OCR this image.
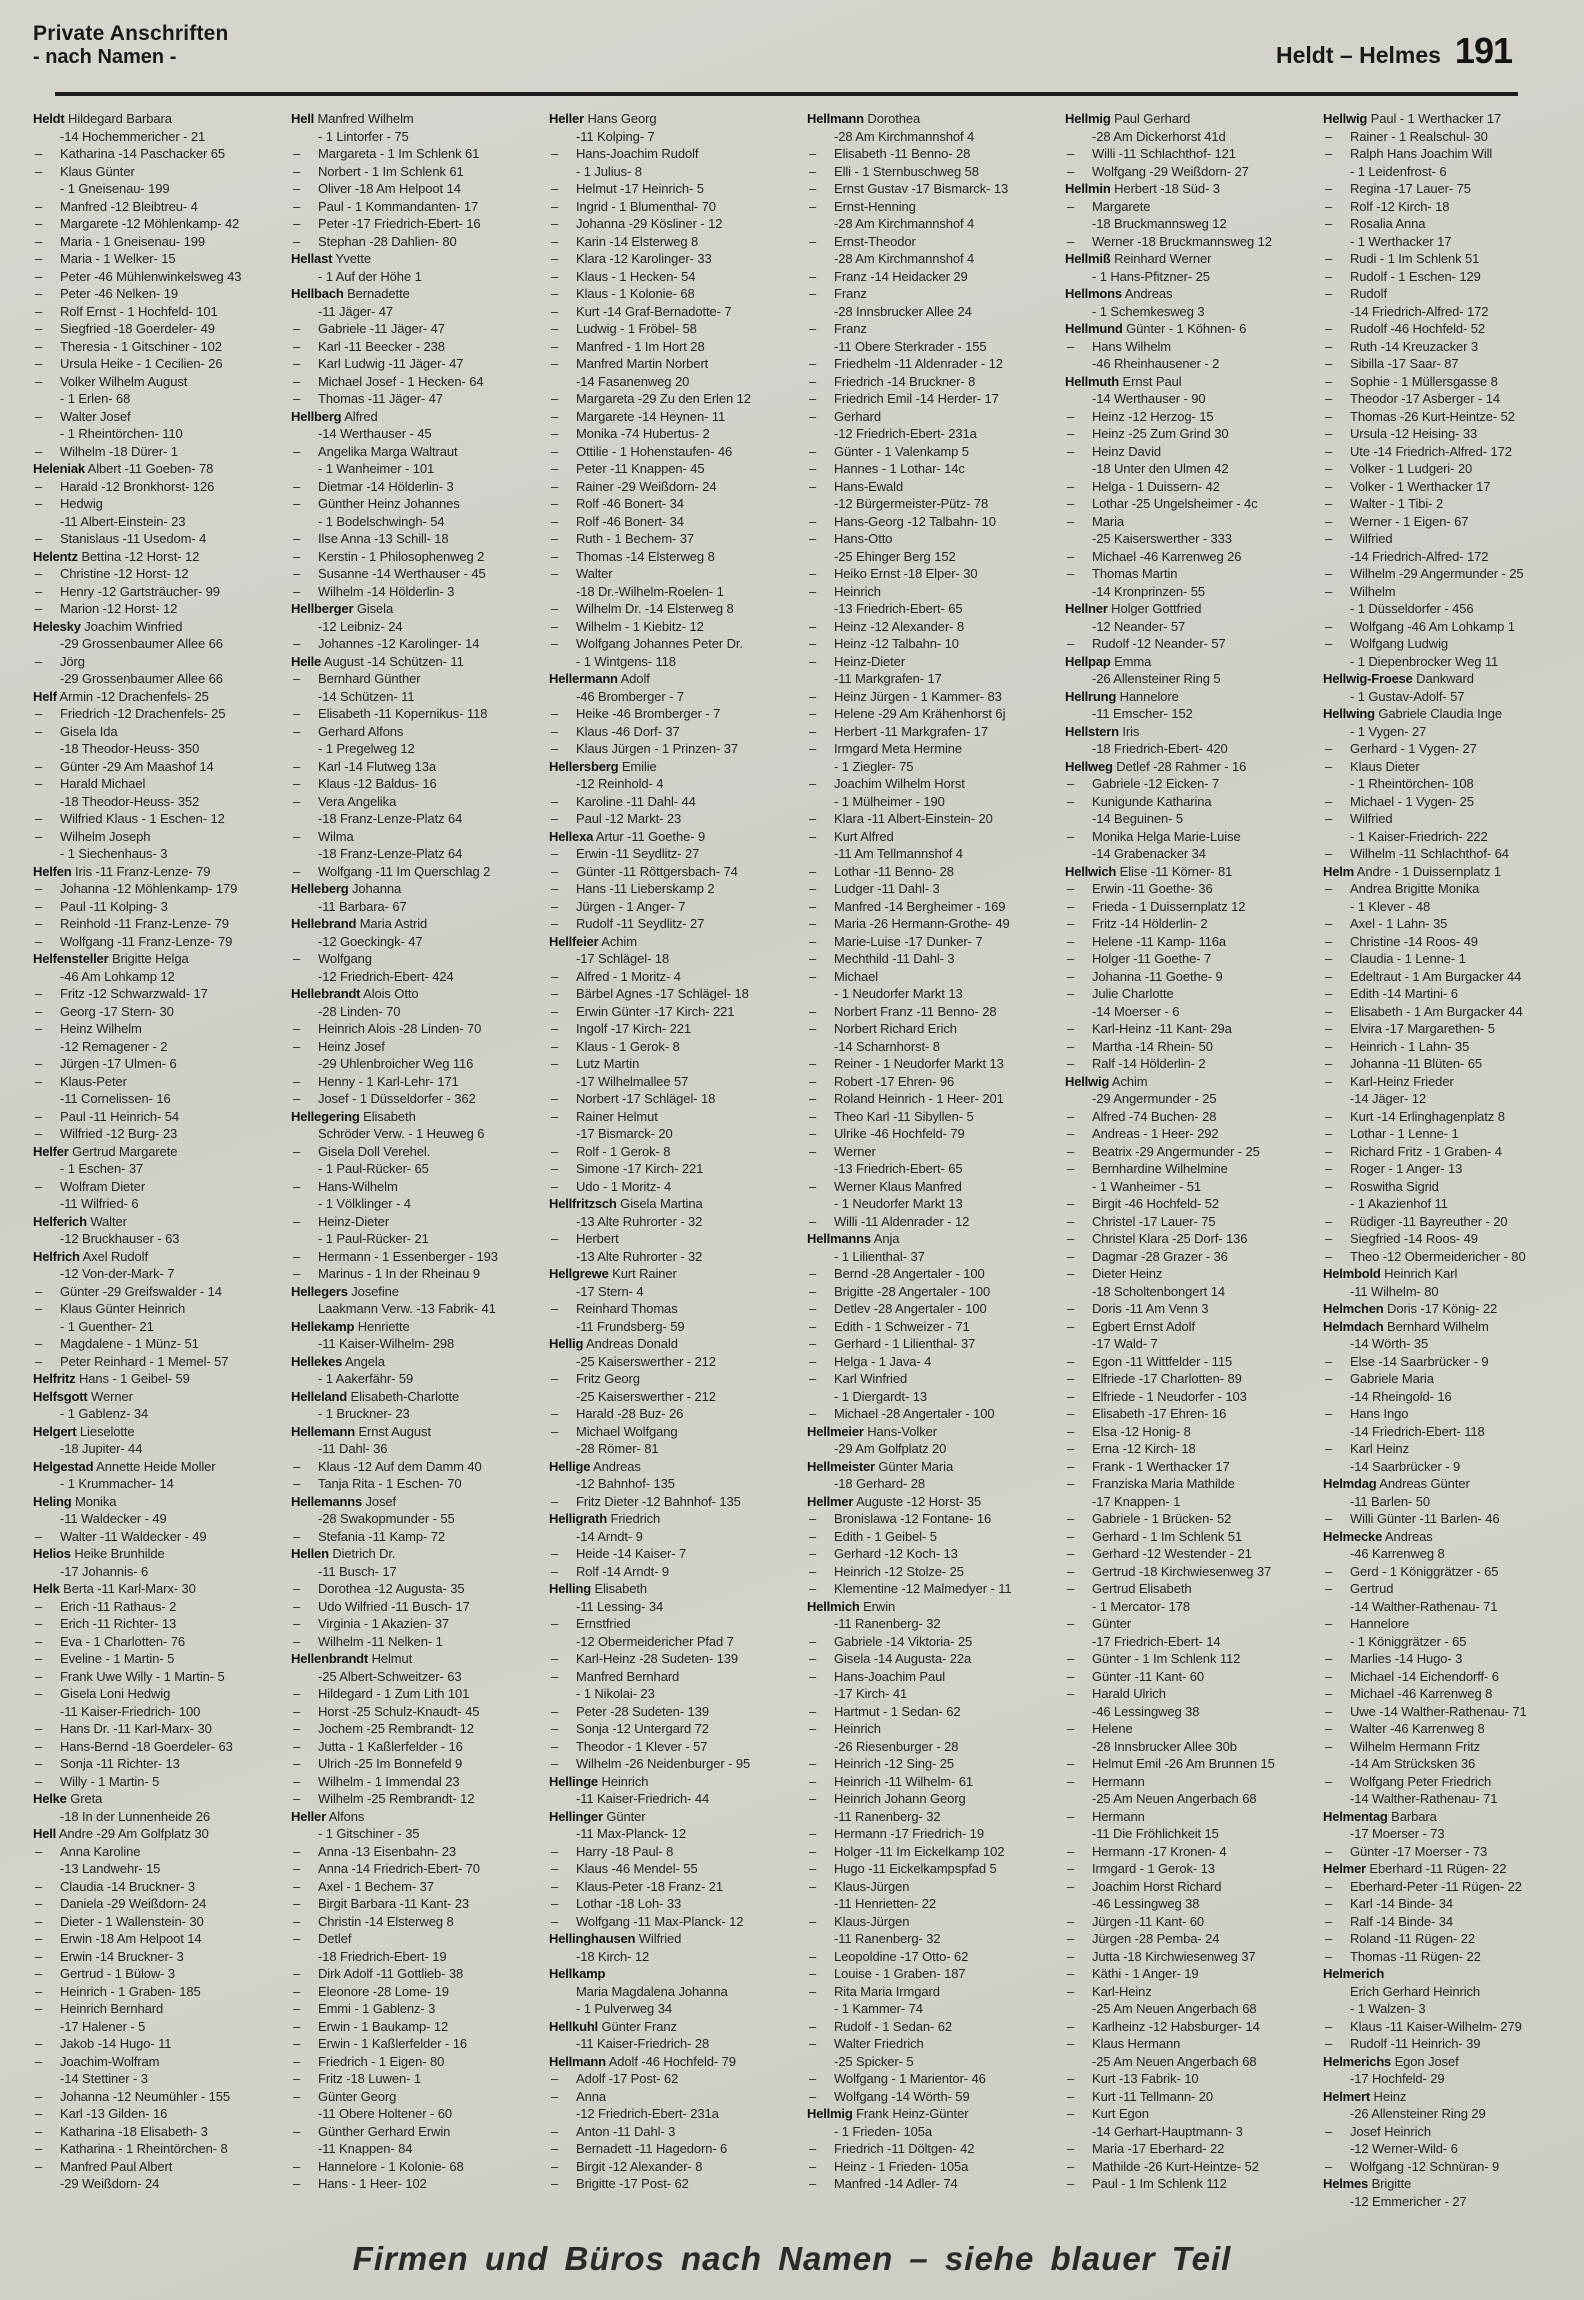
Private Anschriften
- nach Namen -	Heldt – Helmes 191
Heldt Hildegard Barbara
-14 Hochemmericher - 21
– Katharina -14 Paschacker 65
– Klaus Günter
- 1 Gneisenau- 199
– Manfred -12 Bleibtreu- 4
– Margarete -12 Möhlenkamp- 42
– Maria - 1 Gneisenau- 199
– Maria - 1 Welker- 15
– Peter -46 Mühlenwinkelsweg 43
– Peter -46 Nelken- 19
– Rolf Ernst - 1 Hochfeld- 101
– Siegfried -18 Goerdeler- 49
– Theresia - 1 Gitschiner - 102
– Ursula Heike - 1 Cecilien- 26
– Volker Wilhelm August
- 1 Erlen- 68
– Walter Josef
- 1 Rheintörchen- 110
– Wilhelm -18 Dürer- 1
Heleniak Albert -11 Goeben- 78
– Harald -12 Bronkhorst- 126
– Hedwig
-11 Albert-Einstein- 23
– Stanislaus -11 Usedom- 4
Helentz Bettina -12 Horst- 12
– Christine -12 Horst- 12
– Henry -12 Gartsträucher- 99
– Marion -12 Horst- 12
Helesky Joachim Winfried
-29 Grossenbaumer Allee 66
– Jörg
-29 Grossenbaumer Allee 66
Helf Armin -12 Drachenfels- 25
– Friedrich -12 Drachenfels- 25
– Gisela Ida
-18 Theodor-Heuss- 350
– Günter -29 Am Maashof 14
– Harald Michael
-18 Theodor-Heuss- 352
– Wilfried Klaus - 1 Eschen- 12
– Wilhelm Joseph
- 1 Siechenhaus- 3
Helfen Iris -11 Franz-Lenze- 79
– Johanna -12 Möhlenkamp- 179
– Paul -11 Kolping- 3
– Reinhold -11 Franz-Lenze- 79
– Wolfgang -11 Franz-Lenze- 79
Helfensteller Brigitte Helga
-46 Am Lohkamp 12
– Fritz -12 Schwarzwald- 17
– Georg -17 Stern- 30
– Heinz Wilhelm
-12 Remagener - 2
– Jürgen -17 Ulmen- 6
– Klaus-Peter
-11 Cornelissen- 16
– Paul -11 Heinrich- 54
– Wilfried -12 Burg- 23
Helfer Gertrud Margarete
- 1 Eschen- 37
– Wolfram Dieter
-11 Wilfried- 6
Helferich Walter
-12 Bruckhauser - 63
Helfrich Axel Rudolf
-12 Von-der-Mark- 7
– Günter -29 Greifswalder - 14
– Klaus Günter Heinrich
- 1 Guenther- 21
– Magdalene - 1 Münz- 51
– Peter Reinhard - 1 Memel- 57
Helfritz Hans - 1 Geibel- 59
Helfsgott Werner
- 1 Gablenz- 34
Helgert Lieselotte
-18 Jupiter- 44
Helgestad Annette Heide Moller
- 1 Krummacher- 14
Heling Monika
-11 Waldecker - 49
– Walter -11 Waldecker - 49
Helios Heike Brunhilde
-17 Johannis- 6
Helk Berta -11 Karl-Marx- 30
– Erich -11 Rathaus- 2
– Erich -11 Richter- 13
– Eva - 1 Charlotten- 76
– Eveline - 1 Martin- 5
– Frank Uwe Willy - 1 Martin- 5
– Gisela Loni Hedwig
-11 Kaiser-Friedrich- 100
– Hans Dr. -11 Karl-Marx- 30
– Hans-Bernd -18 Goerdeler- 63
– Sonja -11 Richter- 13
– Willy - 1 Martin- 5
Helke Greta
-18 In der Lunnenheide 26
Hell Andre -29 Am Golfplatz 30
– Anna Karoline
-13 Landwehr- 15
– Claudia -14 Bruckner- 3
– Daniela -29 Weißdorn- 24
– Dieter - 1 Wallenstein- 30
– Erwin -18 Am Helpoot 14
– Erwin -14 Bruckner- 3
– Gertrud - 1 Bülow- 3
– Heinrich - 1 Graben- 185
– Heinrich Bernhard
-17 Halener - 5
– Jakob -14 Hugo- 11
– Joachim-Wolfram
-14 Stettiner - 3
– Johanna -12 Neumühler - 155
– Karl -13 Gilden- 16
– Katharina -18 Elisabeth- 3
– Katharina - 1 Rheintörchen- 8
– Manfred Paul Albert
-29 Weißdorn- 24
Hell Manfred Wilhelm
- 1 Lintorfer - 75
– Margareta - 1 Im Schlenk 61
– Norbert - 1 Im Schlenk 61
– Oliver -18 Am Helpoot 14
– Paul - 1 Kommandanten- 17
– Peter -17 Friedrich-Ebert- 16
– Stephan -28 Dahlien- 80
Hellast Yvette
- 1 Auf der Höhe 1
Hellbach Bernadette
-11 Jäger- 47
– Gabriele -11 Jäger- 47
– Karl -11 Beecker - 238
– Karl Ludwig -11 Jäger- 47
– Michael Josef - 1 Hecken- 64
– Thomas -11 Jäger- 47
Hellberg Alfred
-14 Werthauser - 45
– Angelika Marga Waltraut
- 1 Wanheimer - 101
– Dietmar -14 Hölderlin- 3
– Günther Heinz Johannes
- 1 Bodelschwingh- 54
– Ilse Anna -13 Schill- 18
– Kerstin - 1 Philosophenweg 2
– Susanne -14 Werthauser - 45
– Wilhelm -14 Hölderlin- 3
Hellberger Gisela
-12 Leibniz- 24
– Johannes -12 Karolinger- 14
Helle August -14 Schützen- 11
– Bernhard Günther
-14 Schützen- 11
– Elisabeth -11 Kopernikus- 118
– Gerhard Alfons
- 1 Pregelweg 12
– Karl -14 Flutweg 13a
– Klaus -12 Baldus- 16
– Vera Angelika
-18 Franz-Lenze-Platz 64
– Wilma
-18 Franz-Lenze-Platz 64
– Wolfgang -11 Im Querschlag 2
Helleberg Johanna
-11 Barbara- 67
Hellebrand Maria Astrid
-12 Goeckingk- 47
– Wolfgang
-12 Friedrich-Ebert- 424
Hellebrandt Alois Otto
-28 Linden- 70
– Heinrich Alois -28 Linden- 70
– Heinz Josef
-29 Uhlenbroicher Weg 116
– Henny - 1 Karl-Lehr- 171
– Josef - 1 Düsseldorfer - 362
Hellegering Elisabeth
Schröder Verw. - 1 Heuweg 6
– Gisela Doll Verehel.
- 1 Paul-Rücker- 65
– Hans-Wilhelm
- 1 Völklinger - 4
– Heinz-Dieter
- 1 Paul-Rücker- 21
– Hermann - 1 Essenberger - 193
– Marinus - 1 In der Rheinau 9
Hellegers Josefine
Laakmann Verw. -13 Fabrik- 41
Hellekamp Henriette
-11 Kaiser-Wilhelm- 298
Hellekes Angela
- 1 Aakerfähr- 59
Helleland Elisabeth-Charlotte
- 1 Bruckner- 23
Hellemann Ernst August
-11 Dahl- 36
– Klaus -12 Auf dem Damm 40
– Tanja Rita - 1 Eschen- 70
Hellemanns Josef
-28 Swakopmunder - 55
– Stefania -11 Kamp- 72
Hellen Dietrich Dr.
-11 Busch- 17
– Dorothea -12 Augusta- 35
– Udo Wilfried -11 Busch- 17
– Virginia - 1 Akazien- 37
– Wilhelm -11 Nelken- 1
Hellenbrandt Helmut
-25 Albert-Schweitzer- 63
– Hildegard - 1 Zum Lith 101
– Horst -25 Schulz-Knaudt- 45
– Jochem -25 Rembrandt- 12
– Jutta - 1 Kaßlerfelder - 16
– Ulrich -25 Im Bonnefeld 9
– Wilhelm - 1 Immendal 23
– Wilhelm -25 Rembrandt- 12
Heller Alfons
- 1 Gitschiner - 35
– Anna -13 Eisenbahn- 23
– Anna -14 Friedrich-Ebert- 70
– Axel - 1 Bechem- 37
– Birgit Barbara -11 Kant- 23
– Christin -14 Elsterweg 8
– Detlef
-18 Friedrich-Ebert- 19
– Dirk Adolf -11 Gottlieb- 38
– Eleonore -28 Lome- 19
– Emmi - 1 Gablenz- 3
– Erwin - 1 Baukamp- 12
– Erwin - 1 Kaßlerfelder - 16
– Friedrich - 1 Eigen- 80
– Fritz -18 Luwen- 1
– Günter Georg
-11 Obere Holtener - 60
– Günther Gerhard Erwin
-11 Knappen- 84
– Hannelore - 1 Kolonie- 68
– Hans - 1 Heer- 102
Heller Hans Georg
-11 Kolping- 7
– Hans-Joachim Rudolf
- 1 Julius- 8
– Helmut -17 Heinrich- 5
– Ingrid - 1 Blumenthal- 70
– Johanna -29 Kösliner - 12
– Karin -14 Elsterweg 8
– Klara -12 Karolinger- 33
– Klaus - 1 Hecken- 54
– Klaus - 1 Kolonie- 68
– Kurt -14 Graf-Bernadotte- 7
– Ludwig - 1 Fröbel- 58
– Manfred - 1 Im Hort 28
– Manfred Martin Norbert
-14 Fasanenweg 20
– Margareta -29 Zu den Erlen 12
– Margarete -14 Heynen- 11
– Monika -74 Hubertus- 2
– Ottilie - 1 Hohenstaufen- 46
– Peter -11 Knappen- 45
– Rainer -29 Weißdorn- 24
– Rolf -46 Bonert- 34
– Rolf -46 Bonert- 34
– Ruth - 1 Bechem- 37
– Thomas -14 Elsterweg 8
– Walter
-18 Dr.-Wilhelm-Roelen- 1
– Wilhelm Dr. -14 Elsterweg 8
– Wilhelm - 1 Kiebitz- 12
– Wolfgang Johannes Peter Dr.
- 1 Wintgens- 118
Hellermann Adolf
-46 Bromberger - 7
– Heike -46 Bromberger - 7
– Klaus -46 Dorf- 37
– Klaus Jürgen - 1 Prinzen- 37
Hellersberg Emilie
-12 Reinhold- 4
– Karoline -11 Dahl- 44
– Paul -12 Markt- 23
Hellexa Artur -11 Goethe- 9
– Erwin -11 Seydlitz- 27
– Günter -11 Röttgersbach- 74
– Hans -11 Lieberskamp 2
– Jürgen - 1 Anger- 7
– Rudolf -11 Seydlitz- 27
Hellfeier Achim
-17 Schlägel- 18
– Alfred - 1 Moritz- 4
– Bärbel Agnes -17 Schlägel- 18
– Erwin Günter -17 Kirch- 221
– Ingolf -17 Kirch- 221
– Klaus - 1 Gerok- 8
– Lutz Martin
-17 Wilhelmallee 57
– Norbert -17 Schlägel- 18
– Rainer Helmut
-17 Bismarck- 20
– Rolf - 1 Gerok- 8
– Simone -17 Kirch- 221
– Udo - 1 Moritz- 4
Hellfritzsch Gisela Martina
-13 Alte Ruhrorter - 32
– Herbert
-13 Alte Ruhrorter - 32
Hellgrewe Kurt Rainer
-17 Stern- 4
– Reinhard Thomas
-11 Frundsberg- 59
Hellig Andreas Donald
-25 Kaiserswerther - 212
– Fritz Georg
-25 Kaiserswerther - 212
– Harald -28 Buz- 26
– Michael Wolfgang
-28 Römer- 81
Hellige Andreas
-12 Bahnhof- 135
– Fritz Dieter -12 Bahnhof- 135
Helligrath Friedrich
-14 Arndt- 9
– Heide -14 Kaiser- 7
– Rolf -14 Arndt- 9
Helling Elisabeth
-11 Lessing- 34
– Ernstfried
-12 Obermeidericher Pfad 7
– Karl-Heinz -28 Sudeten- 139
– Manfred Bernhard
- 1 Nikolai- 23
– Peter -28 Sudeten- 139
– Sonja -12 Untergard 72
– Theodor - 1 Klever - 57
– Wilhelm -26 Neidenburger - 95
Hellinge Heinrich
-11 Kaiser-Friedrich- 44
Hellinger Günter
-11 Max-Planck- 12
– Harry -18 Paul- 8
– Klaus -46 Mendel- 55
– Klaus-Peter -18 Franz- 21
– Lothar -18 Loh- 33
– Wolfgang -11 Max-Planck- 12
Hellinghausen Wilfried
-18 Kirch- 12
Hellkamp
Maria Magdalena Johanna
- 1 Pulverweg 34
Hellkuhl Günter Franz
-11 Kaiser-Friedrich- 28
Hellmann Adolf -46 Hochfeld- 79
– Adolf -17 Post- 62
– Anna
-12 Friedrich-Ebert- 231a
– Anton -11 Dahl- 3
– Bernadett -11 Hagedorn- 6
– Birgit -12 Alexander- 8
– Brigitte -17 Post- 62
Hellmann Dorothea
-28 Am Kirchmannshof 4
– Elisabeth -11 Benno- 28
– Elli - 1 Sternbuschweg 58
– Ernst Gustav -17 Bismarck- 13
– Ernst-Henning
-28 Am Kirchmannshof 4
– Ernst-Theodor
-28 Am Kirchmannshof 4
– Franz -14 Heidacker 29
– Franz
-28 Innsbrucker Allee 24
– Franz
-11 Obere Sterkrader - 155
– Friedhelm -11 Aldenrader - 12
– Friedrich -14 Bruckner- 8
– Friedrich Emil -14 Herder- 17
– Gerhard
-12 Friedrich-Ebert- 231a
– Günter - 1 Valenkamp 5
– Hannes - 1 Lothar- 14c
– Hans-Ewald
-12 Bürgermeister-Pütz- 78
– Hans-Georg -12 Talbahn- 10
– Hans-Otto
-25 Ehinger Berg 152
– Heiko Ernst -18 Elper- 30
– Heinrich
-13 Friedrich-Ebert- 65
– Heinz -12 Alexander- 8
– Heinz -12 Talbahn- 10
– Heinz-Dieter
-11 Markgrafen- 17
– Heinz Jürgen - 1 Kammer- 83
– Helene -29 Am Krähenhorst 6j
– Herbert -11 Markgrafen- 17
– Irmgard Meta Hermine
- 1 Ziegler- 75
– Joachim Wilhelm Horst
- 1 Mülheimer - 190
– Klara -11 Albert-Einstein- 20
– Kurt Alfred
-11 Am Tellmannshof 4
– Lothar -11 Benno- 28
– Ludger -11 Dahl- 3
– Manfred -14 Bergheimer - 169
– Maria -26 Hermann-Grothe- 49
– Marie-Luise -17 Dunker- 7
– Mechthild -11 Dahl- 3
– Michael
- 1 Neudorfer Markt 13
– Norbert Franz -11 Benno- 28
– Norbert Richard Erich
-14 Scharnhorst- 8
– Reiner - 1 Neudorfer Markt 13
– Robert -17 Ehren- 96
– Roland Heinrich - 1 Heer- 201
– Theo Karl -11 Sibyllen- 5
– Ulrike -46 Hochfeld- 79
– Werner
-13 Friedrich-Ebert- 65
– Werner Klaus Manfred
- 1 Neudorfer Markt 13
– Willi -11 Aldenrader - 12
Hellmanns Anja
- 1 Lilienthal- 37
– Bernd -28 Angertaler - 100
– Brigitte -28 Angertaler - 100
– Detlev -28 Angertaler - 100
– Edith - 1 Schweizer - 71
– Gerhard - 1 Lilienthal- 37
– Helga - 1 Java- 4
– Karl Winfried
- 1 Diergardt- 13
– Michael -28 Angertaler - 100
Hellmeier Hans-Volker
-29 Am Golfplatz 20
Hellmeister Günter Maria
-18 Gerhard- 28
Hellmer Auguste -12 Horst- 35
– Bronislawa -12 Fontane- 16
– Edith - 1 Geibel- 5
– Gerhard -12 Koch- 13
– Heinrich -12 Stolze- 25
– Klementine -12 Malmedyer - 11
Hellmich Erwin
-11 Ranenberg- 32
– Gabriele -14 Viktoria- 25
– Gisela -14 Augusta- 22a
– Hans-Joachim Paul
-17 Kirch- 41
– Hartmut - 1 Sedan- 62
– Heinrich
-26 Riesenburger - 28
– Heinrich -12 Sing- 25
– Heinrich -11 Wilhelm- 61
– Heinrich Johann Georg
-11 Ranenberg- 32
– Hermann -17 Friedrich- 19
– Holger -11 Im Eickelkamp 102
– Hugo -11 Eickelkampspfad 5
– Klaus-Jürgen
-11 Henrietten- 22
– Klaus-Jürgen
-11 Ranenberg- 32
– Leopoldine -17 Otto- 62
– Louise - 1 Graben- 187
– Rita Maria Irmgard
- 1 Kammer- 74
– Rudolf - 1 Sedan- 62
– Walter Friedrich
-25 Spicker- 5
– Wolfgang - 1 Marientor- 46
– Wolfgang -14 Wörth- 59
Hellmig Frank Heinz-Günter
- 1 Frieden- 105a
– Friedrich -11 Döltgen- 42
– Heinz - 1 Frieden- 105a
– Manfred -14 Adler- 74
Hellmig Paul Gerhard
-28 Am Dickerhorst 41d
– Willi -11 Schlachthof- 121
– Wolfgang -29 Weißdorn- 27
Hellmin Herbert -18 Süd- 3
– Margarete
-18 Bruckmannsweg 12
– Werner -18 Bruckmannsweg 12
Hellmiß Reinhard Werner
- 1 Hans-Pfitzner- 25
Hellmons Andreas
- 1 Schemkesweg 3
Hellmund Günter - 1 Köhnen- 6
– Hans Wilhelm
-46 Rheinhausener - 2
Hellmuth Ernst Paul
-14 Werthauser - 90
– Heinz -12 Herzog- 15
– Heinz -25 Zum Grind 30
– Heinz David
-18 Unter den Ulmen 42
– Helga - 1 Duissern- 42
– Lothar -25 Ungelsheimer - 4c
– Maria
-25 Kaiserswerther - 333
– Michael -46 Karrenweg 26
– Thomas Martin
-14 Kronprinzen- 55
Hellner Holger Gottfried
-12 Neander- 57
– Rudolf -12 Neander- 57
Hellpap Emma
-26 Allensteiner Ring 5
Hellrung Hannelore
-11 Emscher- 152
Hellstern Iris
-18 Friedrich-Ebert- 420
Hellweg Detlef -28 Rahmer - 16
– Gabriele -12 Eicken- 7
– Kunigunde Katharina
-14 Beguinen- 5
– Monika Helga Marie-Luise
-14 Grabenacker 34
Hellwich Elise -11 Körner- 81
– Erwin -11 Goethe- 36
– Frieda - 1 Duissernplatz 12
– Fritz -14 Hölderlin- 2
– Helene -11 Kamp- 116a
– Holger -11 Goethe- 7
– Johanna -11 Goethe- 9
– Julie Charlotte
-14 Moerser - 6
– Karl-Heinz -11 Kant- 29a
– Martha -14 Rhein- 50
– Ralf -14 Hölderlin- 2
Hellwig Achim
-29 Angermunder - 25
– Alfred -74 Buchen- 28
– Andreas - 1 Heer- 292
– Beatrix -29 Angermunder - 25
– Bernhardine Wilhelmine
- 1 Wanheimer - 51
– Birgit -46 Hochfeld- 52
– Christel -17 Lauer- 75
– Christel Klara -25 Dorf- 136
– Dagmar -28 Grazer - 36
– Dieter Heinz
-18 Scholtenbongert 14
– Doris -11 Am Venn 3
– Egbert Ernst Adolf
-17 Wald- 7
– Egon -11 Wittfelder - 115
– Elfriede -17 Charlotten- 89
– Elfriede - 1 Neudorfer - 103
– Elisabeth -17 Ehren- 16
– Elsa -12 Honig- 8
– Erna -12 Kirch- 18
– Frank - 1 Werthacker 17
– Franziska Maria Mathilde
-17 Knappen- 1
– Gabriele - 1 Brücken- 52
– Gerhard - 1 Im Schlenk 51
– Gerhard -12 Westender - 21
– Gertrud -18 Kirchwiesenweg 37
– Gertrud Elisabeth
- 1 Mercator- 178
– Günter
-17 Friedrich-Ebert- 14
– Günter - 1 Im Schlenk 112
– Günter -11 Kant- 60
– Harald Ulrich
-46 Lessingweg 38
– Helene
-28 Innsbrucker Allee 30b
– Helmut Emil -26 Am Brunnen 15
– Hermann
-25 Am Neuen Angerbach 68
– Hermann
-11 Die Fröhlichkeit 15
– Hermann -17 Kronen- 4
– Irmgard - 1 Gerok- 13
– Joachim Horst Richard
-46 Lessingweg 38
– Jürgen -11 Kant- 60
– Jürgen -28 Pemba- 24
– Jutta -18 Kirchwiesenweg 37
– Käthi - 1 Anger- 19
– Karl-Heinz
-25 Am Neuen Angerbach 68
– Karlheinz -12 Habsburger- 14
– Klaus Hermann
-25 Am Neuen Angerbach 68
– Kurt -13 Fabrik- 10
– Kurt -11 Tellmann- 20
– Kurt Egon
-14 Gerhart-Hauptmann- 3
– Maria -17 Eberhard- 22
– Mathilde -26 Kurt-Heintze- 52
– Paul - 1 Im Schlenk 112
Hellwig Paul - 1 Werthacker 17
– Rainer - 1 Realschul- 30
– Ralph Hans Joachim Will
- 1 Leidenfrost- 6
– Regina -17 Lauer- 75
– Rolf -12 Kirch- 18
– Rosalia Anna
- 1 Werthacker 17
– Rudi - 1 Im Schlenk 51
– Rudolf - 1 Eschen- 129
– Rudolf
-14 Friedrich-Alfred- 172
– Rudolf -46 Hochfeld- 52
– Ruth -14 Kreuzacker 3
– Sibilla -17 Saar- 87
– Sophie - 1 Müllersgasse 8
– Theodor -17 Asberger - 14
– Thomas -26 Kurt-Heintze- 52
– Ursula -12 Heising- 33
– Ute -14 Friedrich-Alfred- 172
– Volker - 1 Ludgeri- 20
– Volker - 1 Werthacker 17
– Walter - 1 Tibi- 2
– Werner - 1 Eigen- 67
– Wilfried
-14 Friedrich-Alfred- 172
– Wilhelm -29 Angermunder - 25
– Wilhelm
- 1 Düsseldorfer - 456
– Wolfgang -46 Am Lohkamp 1
– Wolfgang Ludwig
- 1 Diepenbrocker Weg 11
Hellwig-Froese Dankward
- 1 Gustav-Adolf- 57
Hellwing Gabriele Claudia Inge
- 1 Vygen- 27
– Gerhard - 1 Vygen- 27
– Klaus Dieter
- 1 Rheintörchen- 108
– Michael - 1 Vygen- 25
– Wilfried
- 1 Kaiser-Friedrich- 222
– Wilhelm -11 Schlachthof- 64
Helm Andre - 1 Duissernplatz 1
– Andrea Brigitte Monika
- 1 Klever - 48
– Axel - 1 Lahn- 35
– Christine -14 Roos- 49
– Claudia - 1 Lenne- 1
– Edeltraut - 1 Am Burgacker 44
– Edith -14 Martini- 6
– Elisabeth - 1 Am Burgacker 44
– Elvira -17 Margarethen- 5
– Heinrich - 1 Lahn- 35
– Johanna -11 Blüten- 65
– Karl-Heinz Frieder
-14 Jäger- 12
– Kurt -14 Erlinghagenplatz 8
– Lothar - 1 Lenne- 1
– Richard Fritz - 1 Graben- 4
– Roger - 1 Anger- 13
– Roswitha Sigrid
- 1 Akazienhof 11
– Rüdiger -11 Bayreuther - 20
– Siegfried -14 Roos- 49
– Theo -12 Obermeidericher - 80
Helmbold Heinrich Karl
-11 Wilhelm- 80
Helmchen Doris -17 König- 22
Helmdach Bernhard Wilhelm
-14 Wörth- 35
– Else -14 Saarbrücker - 9
– Gabriele Maria
-14 Rheingold- 16
– Hans Ingo
-14 Friedrich-Ebert- 118
– Karl Heinz
-14 Saarbrücker - 9
Helmdag Andreas Günter
-11 Barlen- 50
– Willi Günter -11 Barlen- 46
Helmecke Andreas
-46 Karrenweg 8
– Gerd - 1 Königgrätzer - 65
– Gertrud
-14 Walther-Rathenau- 71
– Hannelore
- 1 Königgrätzer - 65
– Marlies -14 Hugo- 3
– Michael -14 Eichendorff- 6
– Michael -46 Karrenweg 8
– Uwe -14 Walther-Rathenau- 71
– Walter -46 Karrenweg 8
– Wilhelm Hermann Fritz
-14 Am Strücksken 36
– Wolfgang Peter Friedrich
-14 Walther-Rathenau- 71
Helmentag Barbara
-17 Moerser - 73
– Günter -17 Moerser - 73
Helmer Eberhard -11 Rügen- 22
– Eberhard-Peter -11 Rügen- 22
– Karl -14 Binde- 34
– Ralf -14 Binde- 34
– Roland -11 Rügen- 22
– Thomas -11 Rügen- 22
Helmerich
Erich Gerhard Heinrich
- 1 Walzen- 3
– Klaus -11 Kaiser-Wilhelm- 279
– Rudolf -11 Heinrich- 39
Helmerichs Egon Josef
-17 Hochfeld- 29
Helmert Heinz
-26 Allensteiner Ring 29
– Josef Heinrich
-12 Werner-Wild- 6
– Wolfgang -12 Schnüran- 9
Helmes Brigitte
-12 Emmericher - 27
Firmen und Büros nach Namen – siehe blauer Teil
